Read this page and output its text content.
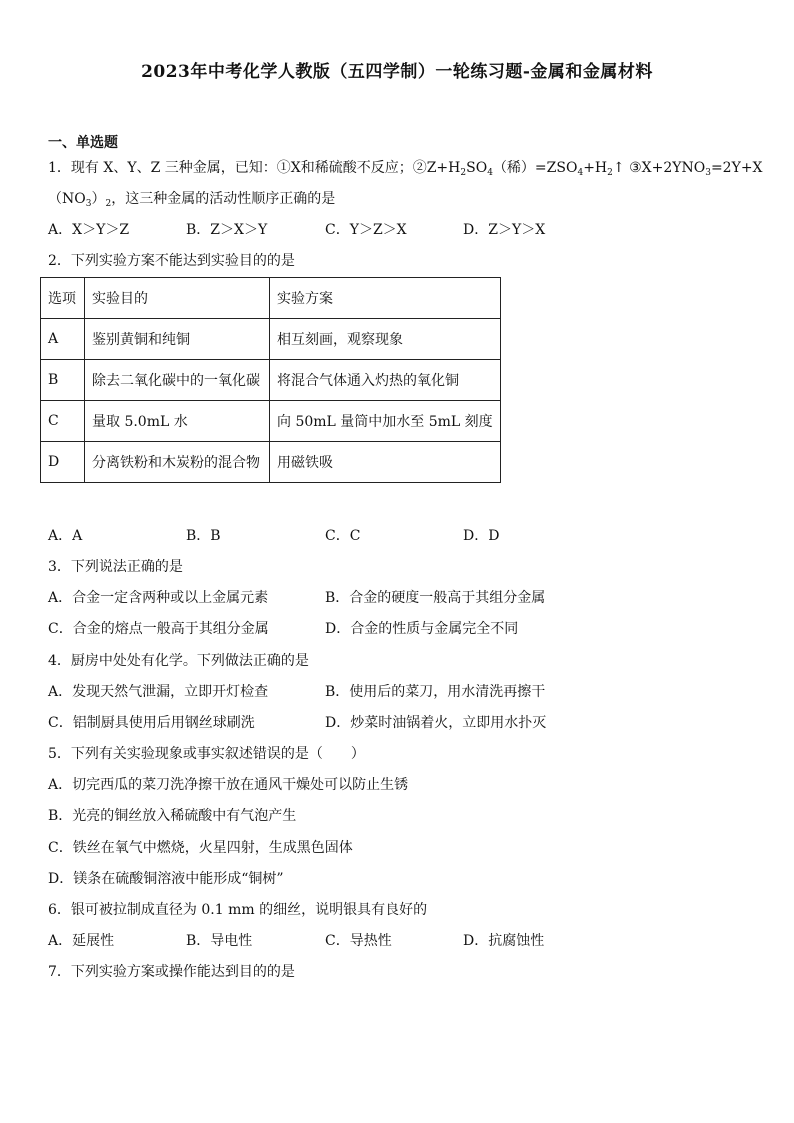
2023年中考化学人教版（五四学制）一轮练习题-金属和金属材料
一、单选题
1．现有 X、Y、Z 三种金属，已知：①X和稀硫酸不反应；$②Z+H_2SO_4$（稀）$=ZSO_4+H_2↑$ $③X+2YNO_3=2Y+X$
$(NO_3)_2$，这三种金属的活动性顺序正确的是
A．X＞Y＞Z	B．Z＞X＞Y	C．Y＞Z＞X	D．Z＞Y＞X
2．下列实验方案不能达到实验目的的是
选项	实验目的	实验方案
A	鉴别黄铜和纯铜	相互刻画，观察现象
B	除去二氧化碳中的一氧化碳	将混合气体通入灼热的氧化铜
C	量取 5.0mL 水	向 50mL 量筒中加水至 5mL 刻度
D	分离铁粉和木炭粉的混合物	用磁铁吸
A．A	B．B	C．C	D．D
3．下列说法正确的是
A．合金一定含两种或以上金属元素	B．合金的硬度一般高于其组分金属
C．合金的熔点一般高于其组分金属	D．合金的性质与金属完全不同
4．厨房中处处有化学。下列做法正确的是
A．发现天然气泄漏，立即开灯检查	B．使用后的菜刀，用水清洗再擦干
C．铝制厨具使用后用钢丝球刷洗	D．炒菜时油锅着火，立即用水扑灭
5．下列有关实验现象或事实叙述错误的是（　　）
A．切完西瓜的菜刀洗净擦干放在通风干燥处可以防止生锈
B．光亮的铜丝放入稀硫酸中有气泡产生
C．铁丝在氧气中燃烧，火星四射，生成黑色固体
D．镁条在硫酸铜溶液中能形成“铜树”
6．银可被拉制成直径为 0.1 mm 的细丝，说明银具有良好的
A．延展性	B．导电性	C．导热性	D．抗腐蚀性
7．下列实验方案或操作能达到目的的是
